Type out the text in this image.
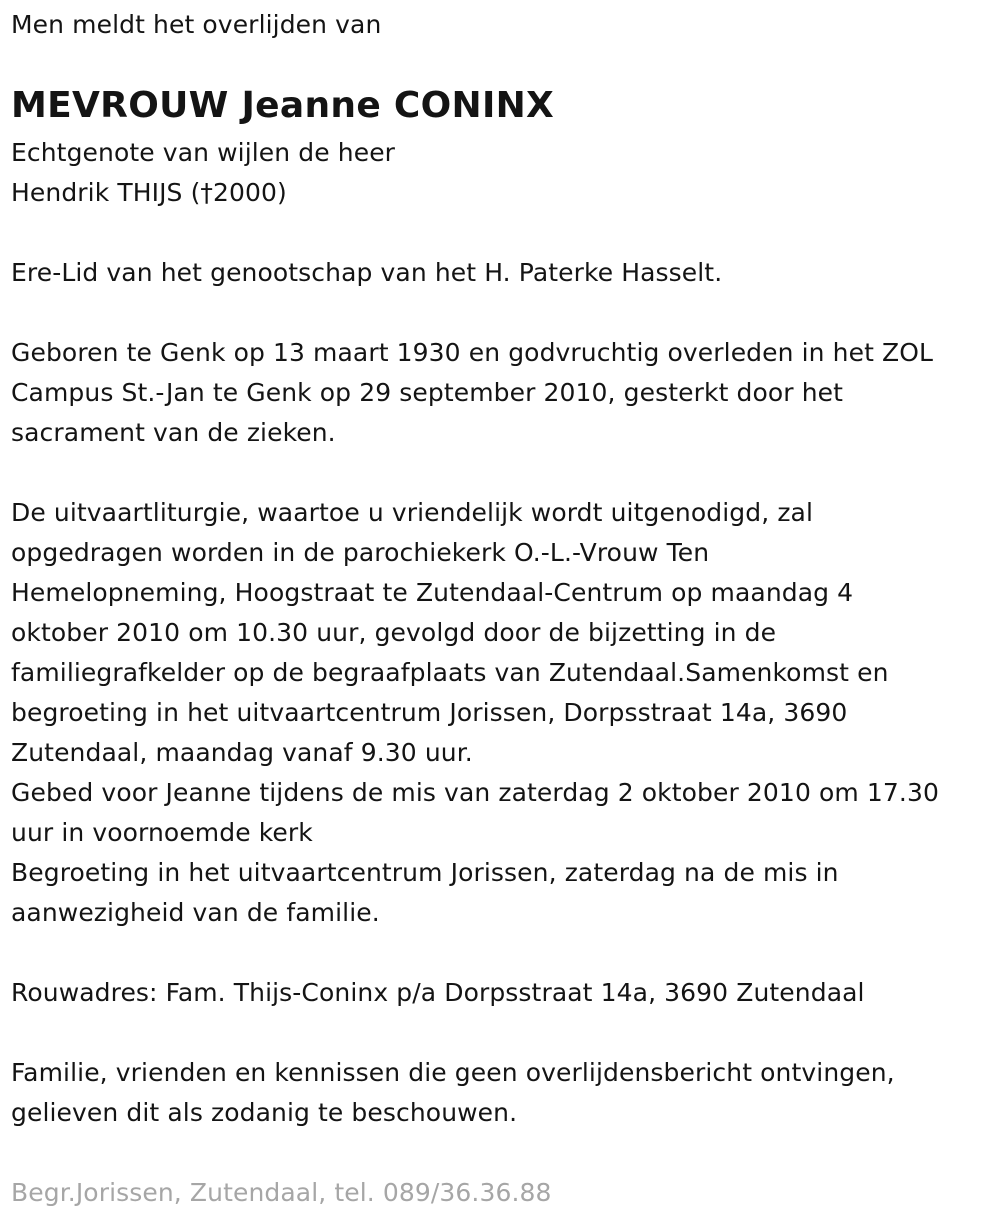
Men meldt het overlijden van
MEVROUW Jeanne CONINX
Echtgenote van wijlen de heer
Hendrik THIJS (†2000)
Ere-Lid van het genootschap van het H. Paterke Hasselt.
Geboren te Genk op 13 maart 1930 en godvruchtig overleden in het ZOL
Campus St.-Jan te Genk op 29 september 2010, gesterkt door het
sacrament van de zieken.
De uitvaartliturgie, waartoe u vriendelijk wordt uitgenodigd, zal
opgedragen worden in de parochiekerk O.-L.-Vrouw Ten
Hemelopneming, Hoogstraat te Zutendaal-Centrum op maandag 4
oktober 2010 om 10.30 uur, gevolgd door de bijzetting in de
familiegrafkelder op de begraafplaats van Zutendaal.Samenkomst en
begroeting in het uitvaartcentrum Jorissen, Dorpsstraat 14a, 3690
Zutendaal, maandag vanaf 9.30 uur.
Gebed voor Jeanne tijdens de mis van zaterdag 2 oktober 2010 om 17.30
uur in voornoemde kerk
Begroeting in het uitvaartcentrum Jorissen, zaterdag na de mis in
aanwezigheid van de familie.
Rouwadres: Fam. Thijs-Coninx p/a Dorpsstraat 14a, 3690 Zutendaal
Familie, vrienden en kennissen die geen overlijdensbericht ontvingen,
gelieven dit als zodanig te beschouwen.
Begr.Jorissen, Zutendaal, tel. 089/36.36.88
